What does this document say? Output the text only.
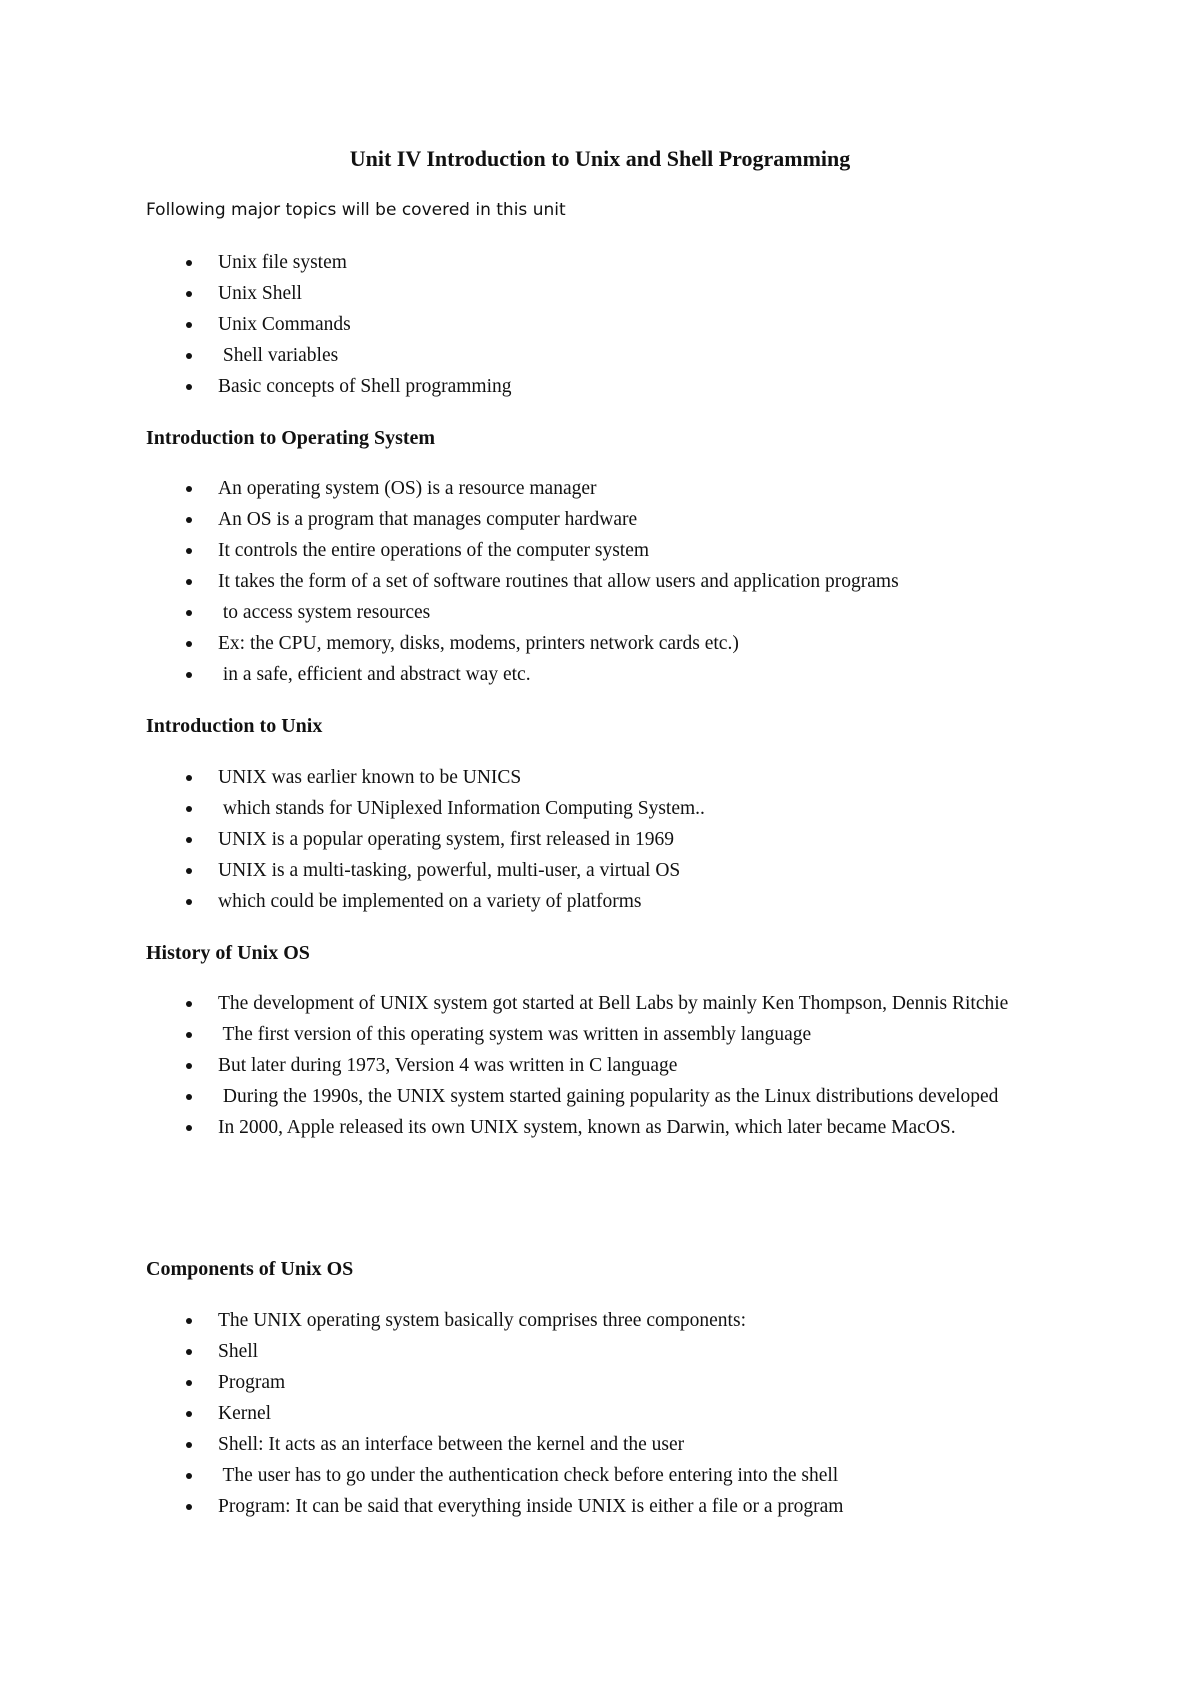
Unit IV Introduction to Unix and Shell Programming

Following major topics will be covered in this unit

Unix file system
Unix Shell
Unix Commands
Shell variables
Basic concepts of Shell programming
Introduction to Operating System
An operating system (OS) is a resource manager
An OS is a program that manages computer hardware
It controls the entire operations of the computer system
It takes the form of a set of software routines that allow users and application programs
to access system resources
Ex: the CPU, memory, disks, modems, printers network cards etc.)
in a safe, efficient and abstract way etc.
Introduction to Unix
UNIX was earlier known to be UNICS
which stands for UNiplexed Information Computing System..
UNIX is a popular operating system, first released in 1969
UNIX is a multi-tasking, powerful, multi-user, a virtual OS
which could be implemented on a variety of platforms
History of Unix OS
The development of UNIX system got started at Bell Labs by mainly Ken Thompson, Dennis Ritchie
The first version of this operating system was written in assembly language
But later during 1973, Version 4 was written in C language
During the 1990s, the UNIX system started gaining popularity as the Linux distributions developed
In 2000, Apple released its own UNIX system, known as Darwin, which later became MacOS.
Components of Unix OS
The UNIX operating system basically comprises three components:
Shell
Program
Kernel
Shell: It acts as an interface between the kernel and the user
The user has to go under the authentication check before entering into the shell
Program: It can be said that everything inside UNIX is either a file or a program
